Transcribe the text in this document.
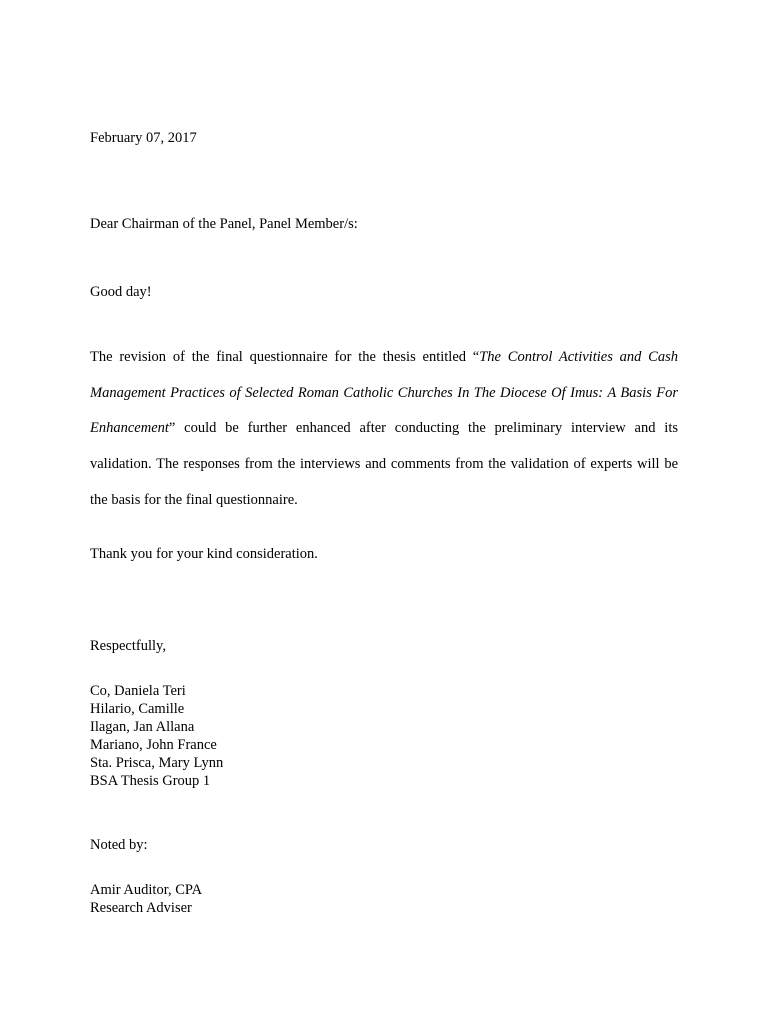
February 07, 2017

Dear Chairman of the Panel, Panel Member/s:

Good day!

The revision of the final questionnaire for the thesis entitled “The Control Activities and Cash Management Practices of Selected Roman Catholic Churches In The Diocese Of Imus: A Basis For Enhancement” could be further enhanced after conducting the preliminary interview and its validation. The responses from the interviews and comments from the validation of experts will be the basis for the final questionnaire.

Thank you for your kind consideration.

Respectfully,

Co, Daniela Teri
Hilario, Camille
Ilagan, Jan Allana
Mariano, John France
Sta. Prisca, Mary Lynn
BSA Thesis Group 1

Noted by:

Amir Auditor, CPA
Research Adviser
